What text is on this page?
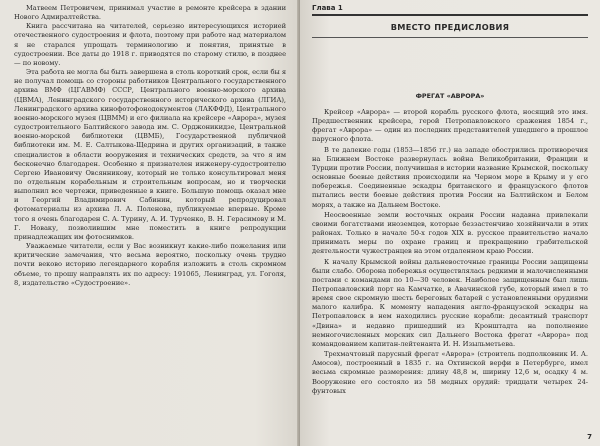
Матвеем Петровичем, принимал участие в ремонте крейсера в здании Нового Адмиралтейства.

Книга рассчитана на читателей, серьезно интересующихся историей отечественного судостроения и флота, поэтому при работе над материалом я не старался упрощать терминологию и понятия, принятые в судостроении. Все даты до 1918 г. приводятся по старому стилю, в позднее — по новому.

Эта работа не могла бы быть завершена в столь короткий срок, если бы я не получал помощь со стороны работников Центрального государственного архива ВМФ (ЦГАВМФ) СССР, Центрального военно-морского архива (ЦВМА), Ленинградского государственного исторического архива (ЛГИА), Ленинградского архива кинофотофонодокументов (ЛАКФФД), Центрального военно-морского музея (ЦВММ) и его филиала на крейсере «Аврора», музея судостроительного Балтийского завода им. С. Орджоникидзе, Центральной военно-морской библиотеки (ЦВМБ), Государственной публичной библиотеки им. М. Е. Салтыкова-Щедрина и других организаций, в также специалистов в области вооружения и технических средств, за что я им бесконечно благодарен. Особенно я признателен инженеру-судостроителю Сергею Ивановичу Овсянникову, который не только консультировал меня по отдельным корабельным и строительным вопросам, но и творчески выполнил все чертежи, приведенные в книге. Большую помощь оказал мне и Георгий Владимирович Сабинин, который репродуцировал фотоматериалы из архива Л. А. Поленова, публикуемые впервые. Кроме того я очень благодарен С. А. Турину, А. И. Турченко, В. Н. Герасимову и М. Г. Новаку, позволившим мне поместить в книге репродукции принадлежащих им фотоснимков.

Уважаемые читатели, если у Вас возникнут какие-либо пожелания или критические замечания, что весьма вероятно, поскольку очень трудно почти веково историю легендарного корабля изложить в столь скромном объеме, то прошу направлять их по адресу: 191065, Ленинград, ул. Гоголя, 8, издательство «Судостроение».

Глава 1
ВМЕСТО ПРЕДИСЛОВИЯ
ФРЕГАТ «АВРОРА»

Крейсер «Аврора» — второй корабль русского флота, носящий это имя. Предшественник крейсера, герой Петропавловского сражения 1854 г., фрегат «Аврора» — один из последних представителей ушедшего в прошлое парусного флота.

В те далекие годы (1853—1856 гг.) на западе обострились противоречия на Ближнем Востоке развернулась война Великобритании, Франции и Турции против России, получившая в истории название Крымской, поскольку основные боевые действия происходили на Черном море в Крыму и у его побережья. Соединенные эскадры британского и французского флотов пытались вести боевые действия против России на Балтийском и Белом морях, а также на Дальнем Востоке.

Неосвоенные земли восточных окраин России надавна привлекали своими богатствами иноземцев, которые беззастенчиво хозяйничали в этих районах. Только в начале 50-х годов XIX в. русское правительство начало принимать меры по охране границ и прекращению грабительской деятельности чужестранцев на этом отдаленном краю России.

К началу Крымской войны дальневосточные границы России защищены были слабо. Оборона побережья осуществлялась редкими и малочисленными постами с командами по 10—30 человек. Наиболее защищенным был лишь Петропавловский порт на Камчатке, в Авачинской губе, который имел в то время свое скромную шесть береговых батарей с установленными орудиями малого калибра. К моменту нападения англо-французской эскадры на Петропавловск в нем находились русские корабли: десантный транспорт «Двина» и недавно пришедший из Кронштадта на пополнение немногочисленных морских сил Дальнего Востока фрегат «Аврора» под командованием капитан-лейтенанта И. Н. Изыльметьева.

Трехмачтовый парусный фрегат «Аврора» (строитель подполковник И. А. Амосов), построенный в 1835 г. на Охтинской верфи в Петербурге, имел весьма скромные размерения: длину 48,8 м, ширину 12,6 м, осадку 4 м. Вооружение его состояло из 58 медных орудий: тридцати четырех 24-фунтовых

7
